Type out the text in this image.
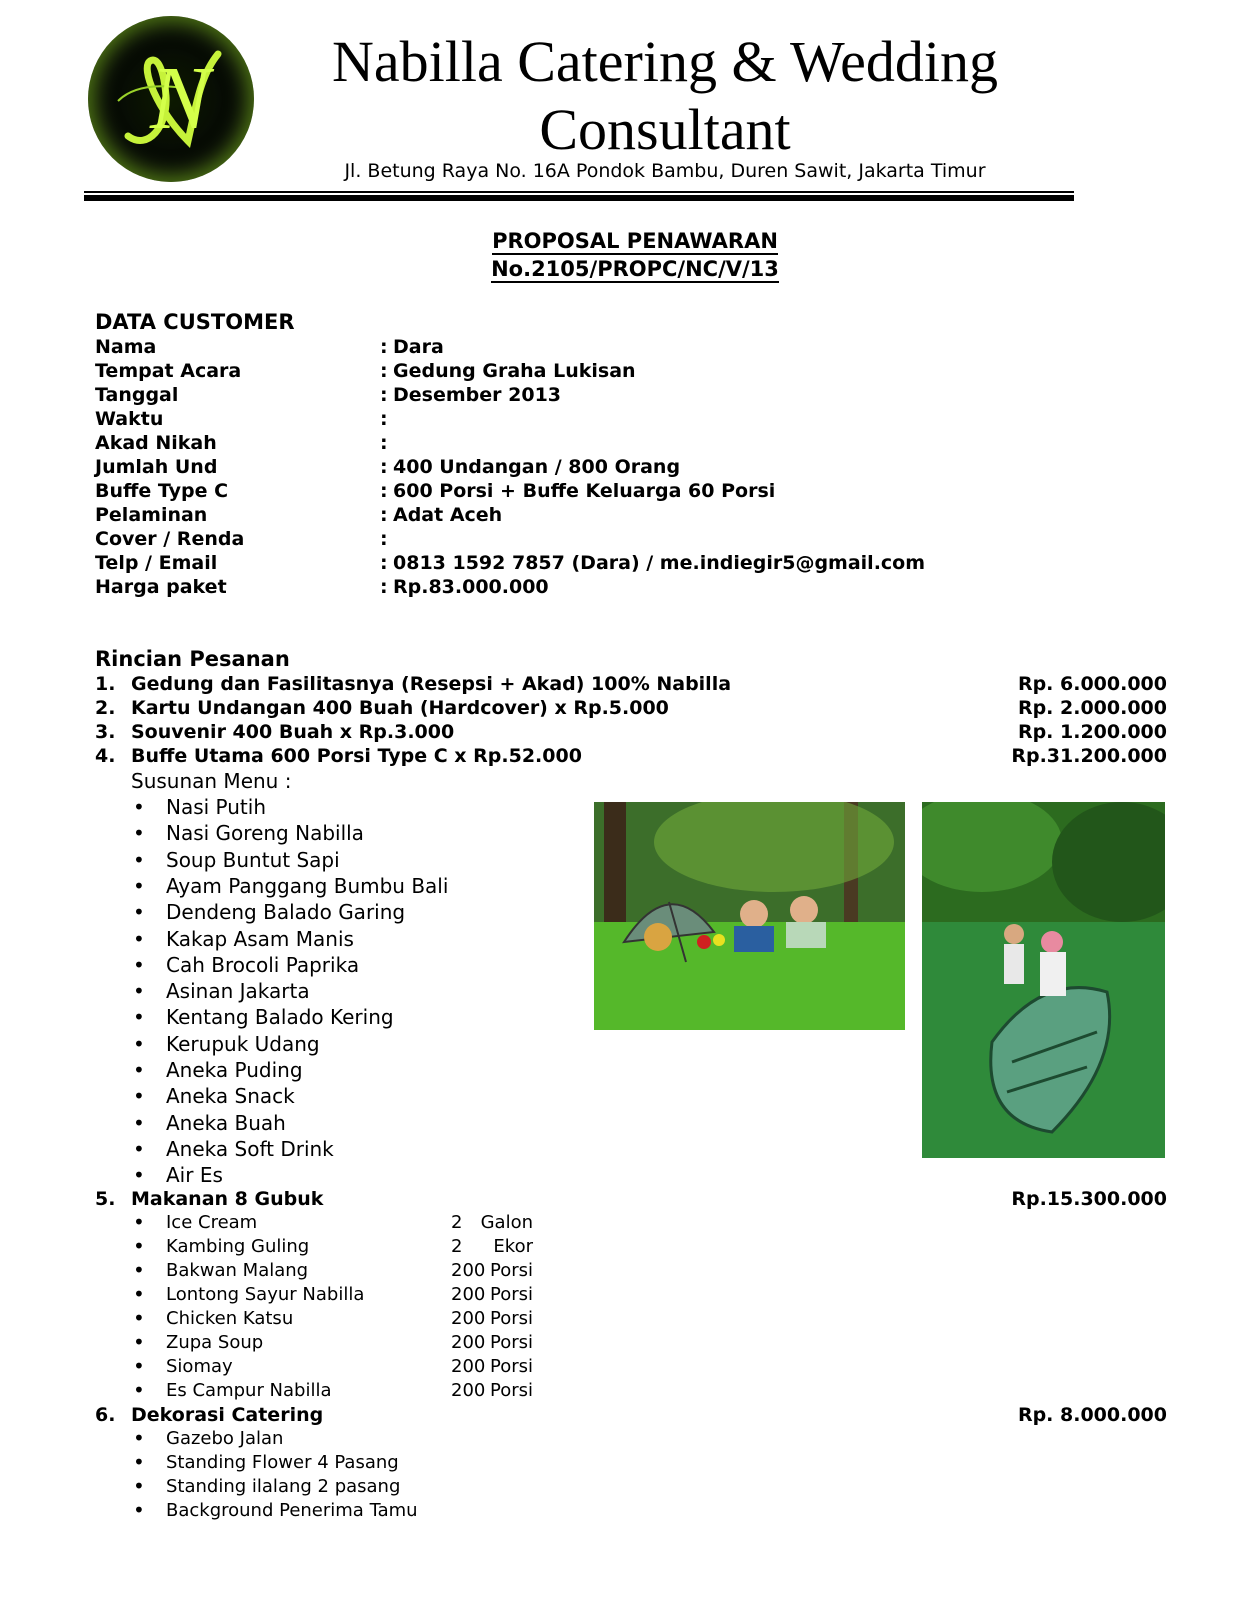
N	Nabilla Catering & Wedding Consultant
Jl. Betung Raya No. 16A Pondok Bambu, Duren Sawit, Jakarta Timur
PROPOSAL PENAWARAN
No.2105/PROPC/NC/V/13
DATA CUSTOMER
Nama	: Dara
Tempat Acara	: Gedung Graha Lukisan
Tanggal	: Desember 2013
Waktu	:
Akad Nikah	:
Jumlah Und	: 400 Undangan / 800 Orang
Buffe Type C	: 600 Porsi + Buffe Keluarga 60 Porsi
Pelaminan	: Adat Aceh
Cover / Renda	:
Telp / Email	: 0813 1592 7857 (Dara) / me.indiegir5@gmail.com
Harga paket	: Rp.83.000.000
Rincian Pesanan
1. Gedung dan Fasilitasnya (Resepsi + Akad) 100% Nabilla	Rp. 6.000.000
2. Kartu Undangan 400 Buah (Hardcover) x Rp.5.000	Rp. 2.000.000
3. Souvenir 400 Buah x Rp.3.000	Rp. 1.200.000
4. Buffe Utama 600 Porsi Type C x Rp.52.000	Rp.31.200.000
5. Makanan 8 Gubuk	Rp.15.300.000
6. Dekorasi Catering	Rp. 8.000.000
Susunan Menu :
• Nasi Putih
• Nasi Goreng Nabilla
• Soup Buntut Sapi
• Ayam Panggang Bumbu Bali
• Dendeng Balado Garing
• Kakap Asam Manis
• Cah Brocoli Paprika
• Asinan Jakarta
• Kentang Balado Kering
• Kerupuk Udang
• Aneka Puding
• Aneka Snack
• Aneka Buah
• Aneka Soft Drink
• Air Es
• Ice Cream	2 Galon
• Kambing Guling	2 Ekor
• Bakwan Malang	200 Porsi
• Lontong Sayur Nabilla	200 Porsi
• Chicken Katsu	200 Porsi
• Zupa Soup	200 Porsi
• Siomay	200 Porsi
• Es Campur Nabilla	200 Porsi
• Gazebo Jalan
• Standing Flower 4 Pasang
• Standing ilalang 2 pasang
• Background Penerima Tamu
